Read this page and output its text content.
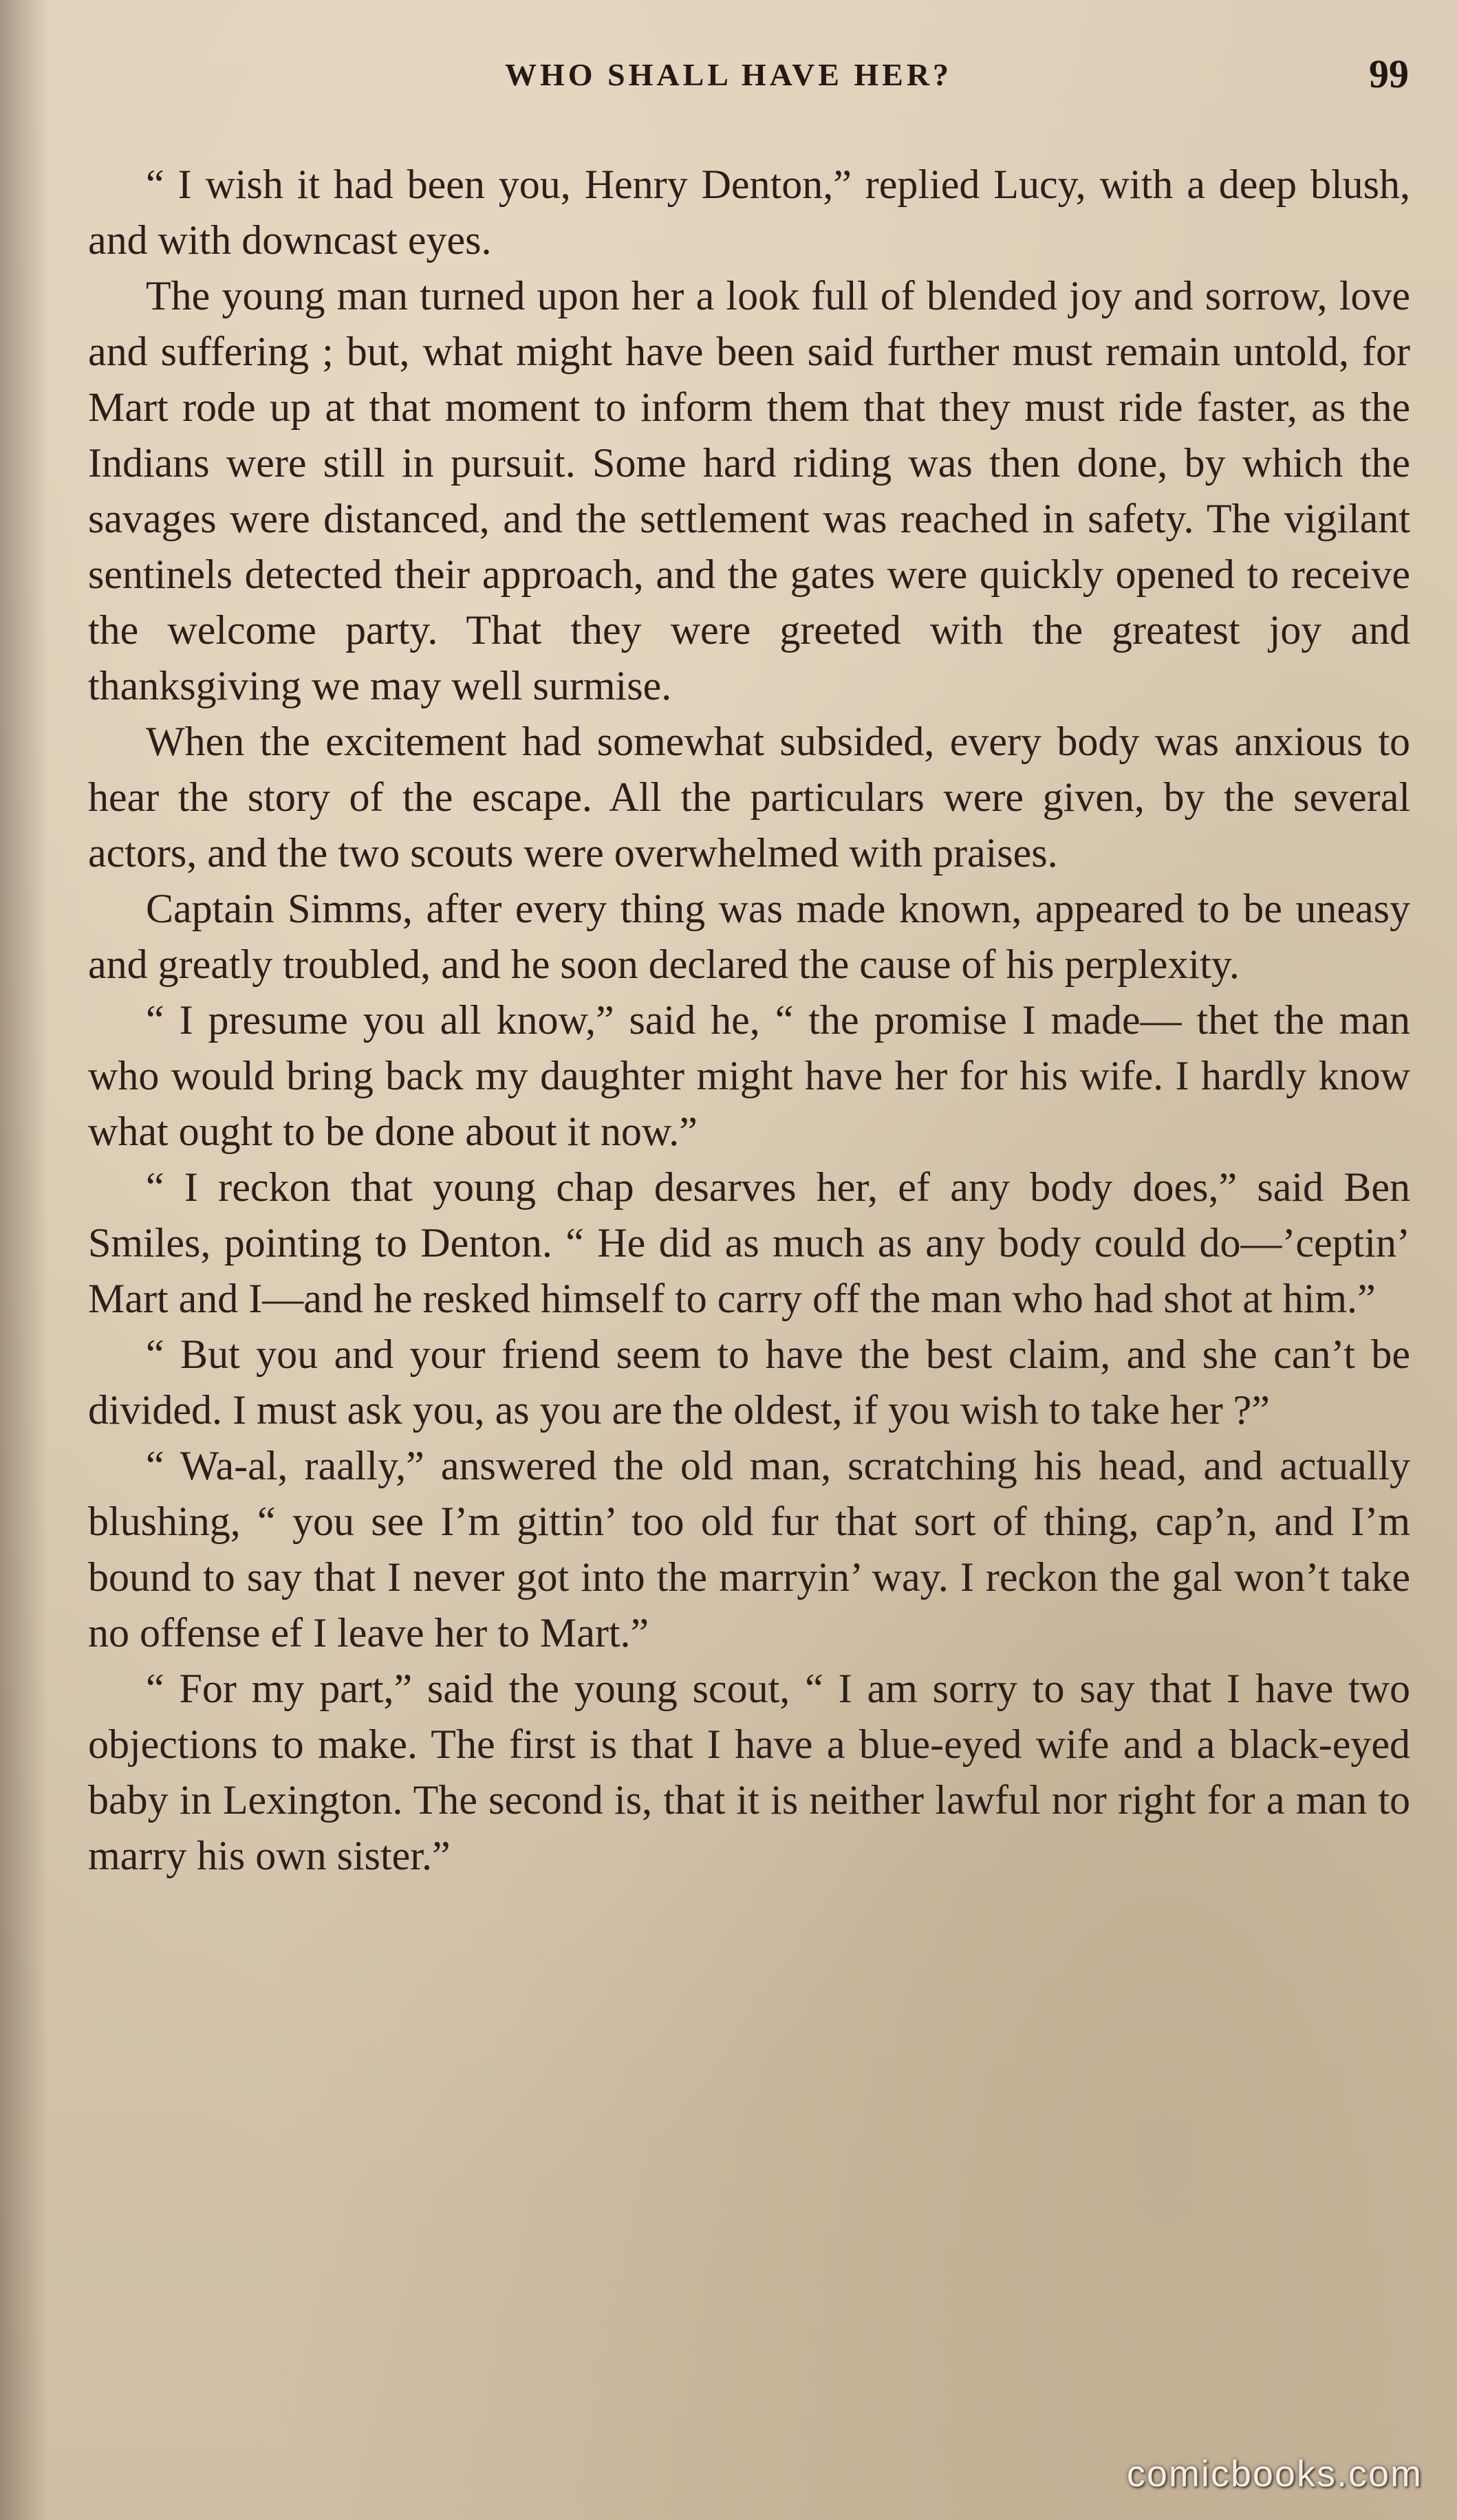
WHO SHALL HAVE HER?	99

“ I wish it had been you, Henry Denton,” replied Lucy, with a deep blush, and with downcast eyes.

The young man turned upon her a look full of blended joy and sorrow, love and suffering ; but, what might have been said further must remain untold, for Mart rode up at that moment to inform them that they must ride faster, as the Indians were still in pursuit. Some hard riding was then done, by which the savages were distanced, and the settlement was reached in safety. The vigilant sentinels detected their approach, and the gates were quickly opened to receive the welcome party. That they were greeted with the greatest joy and thanksgiving we may well surmise.

When the excitement had somewhat subsided, every body was anxious to hear the story of the escape. All the particulars were given, by the several actors, and the two scouts were overwhelmed with praises.

Captain Simms, after every thing was made known, appeared to be uneasy and greatly troubled, and he soon declared the cause of his perplexity.

“ I presume you all know,” said he, “ the promise I made— thet the man who would bring back my daughter might have her for his wife. I hardly know what ought to be done about it now.”

“ I reckon that young chap desarves her, ef any body does,” said Ben Smiles, pointing to Denton. “ He did as much as any body could do—’ceptin’ Mart and I—and he resked himself to carry off the man who had shot at him.”

“ But you and your friend seem to have the best claim, and she can’t be divided. I must ask you, as you are the oldest, if you wish to take her ?”

“ Wa-al, raally,” answered the old man, scratching his head, and actually blushing, “ you see I’m gittin’ too old fur that sort of thing, cap’n, and I’m bound to say that I never got into the marryin’ way. I reckon the gal won’t take no offense ef I leave her to Mart.”

“ For my part,” said the young scout, “ I am sorry to say that I have two objections to make. The first is that I have a blue-eyed wife and a black-eyed baby in Lexington. The second is, that it is neither lawful nor right for a man to marry his own sister.”

comicbooks.com
